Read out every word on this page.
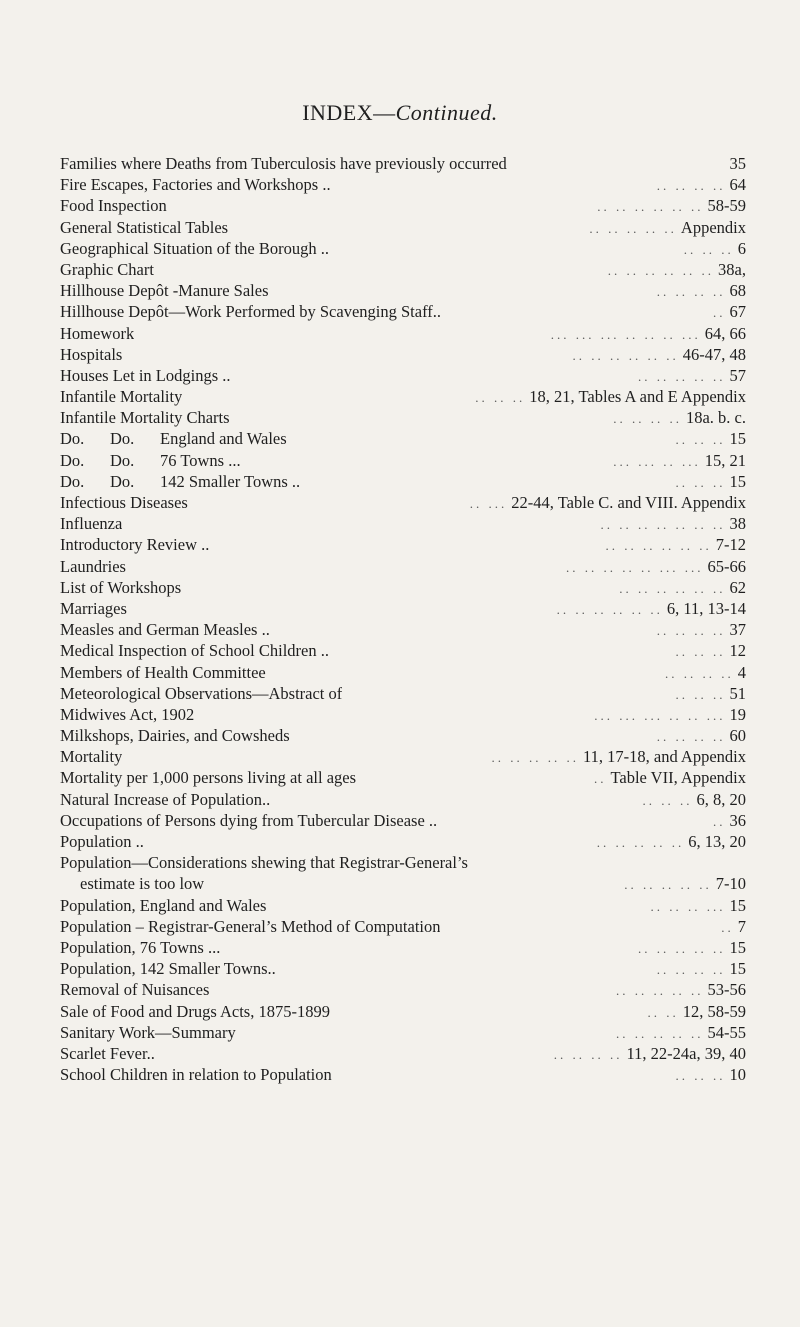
INDEX—Continued.
Families where Deaths from Tuberculosis have previously occurred	35
Fire Escapes, Factories and Workshops ..	.. .. .. .. 64
Food Inspection	.. .. .. .. .. .. 58-59
General Statistical Tables	.. .. .. .. .. Appendix
Geographical Situation of the Borough ..	.. .. .. 6
Graphic Chart	.. .. .. .. .. .. 38a,
Hillhouse Depôt -Manure Sales	.. .. .. .. 68
Hillhouse Depôt—Work Performed by Scavenging Staff..	.. 67
Homework	... ... ... .. .. .. ... 64, 66
Hospitals	.. .. .. .. .. .. 46-47, 48
Houses Let in Lodgings ..	.. .. .. .. .. 57
Infantile Mortality	.. .. .. 18, 21, Tables A and E Appendix
Infantile Mortality Charts	.. .. .. .. 18a. b. c.
Do. Do. England and Wales	.. .. .. 15
Do. Do. 76 Towns ...	... ... .. ... 15, 21
Do. Do. 142 Smaller Towns ..	.. .. .. 15
Infectious Diseases	.. ... 22-44, Table C. and VIII. Appendix
Influenza	.. .. .. .. .. .. .. 38
Introductory Review ..	.. .. .. .. .. .. 7-12
Laundries	.. .. .. .. .. ... ... 65-66
List of Workshops	.. .. .. .. .. .. 62
Marriages	.. .. .. .. .. .. 6, 11, 13-14
Measles and German Measles ..	.. .. .. .. 37
Medical Inspection of School Children ..	.. .. .. 12
Members of Health Committee	.. .. .. .. 4
Meteorological Observations—Abstract of	.. .. .. 51
Midwives Act, 1902	... ... ... .. .. ... 19
Milkshops, Dairies, and Cowsheds	.. .. .. .. 60
Mortality	.. .. .. .. .. 11, 17-18, and Appendix
Mortality per 1,000 persons living at all ages	.. Table VII, Appendix
Natural Increase of Population..	.. .. .. 6, 8, 20
Occupations of Persons dying from Tubercular Disease ..	.. 36
Population ..	.. .. .. .. .. 6, 13, 20
Population—Considerations shewing that Registrar-General’s
estimate is too low	.. .. .. .. .. 7-10
Population, England and Wales	.. .. .. ... 15
Population – Registrar-General’s Method of Computation	.. 7
Population, 76 Towns ...	.. .. .. .. .. 15
Population, 142 Smaller Towns..	.. .. .. .. 15
Removal of Nuisances	.. .. .. .. .. 53-56
Sale of Food and Drugs Acts, 1875-1899	.. .. 12, 58-59
Sanitary Work—Summary	.. .. .. .. .. 54-55
Scarlet Fever..	.. .. .. .. 11, 22-24a, 39, 40
School Children in relation to Population	.. .. .. 10
